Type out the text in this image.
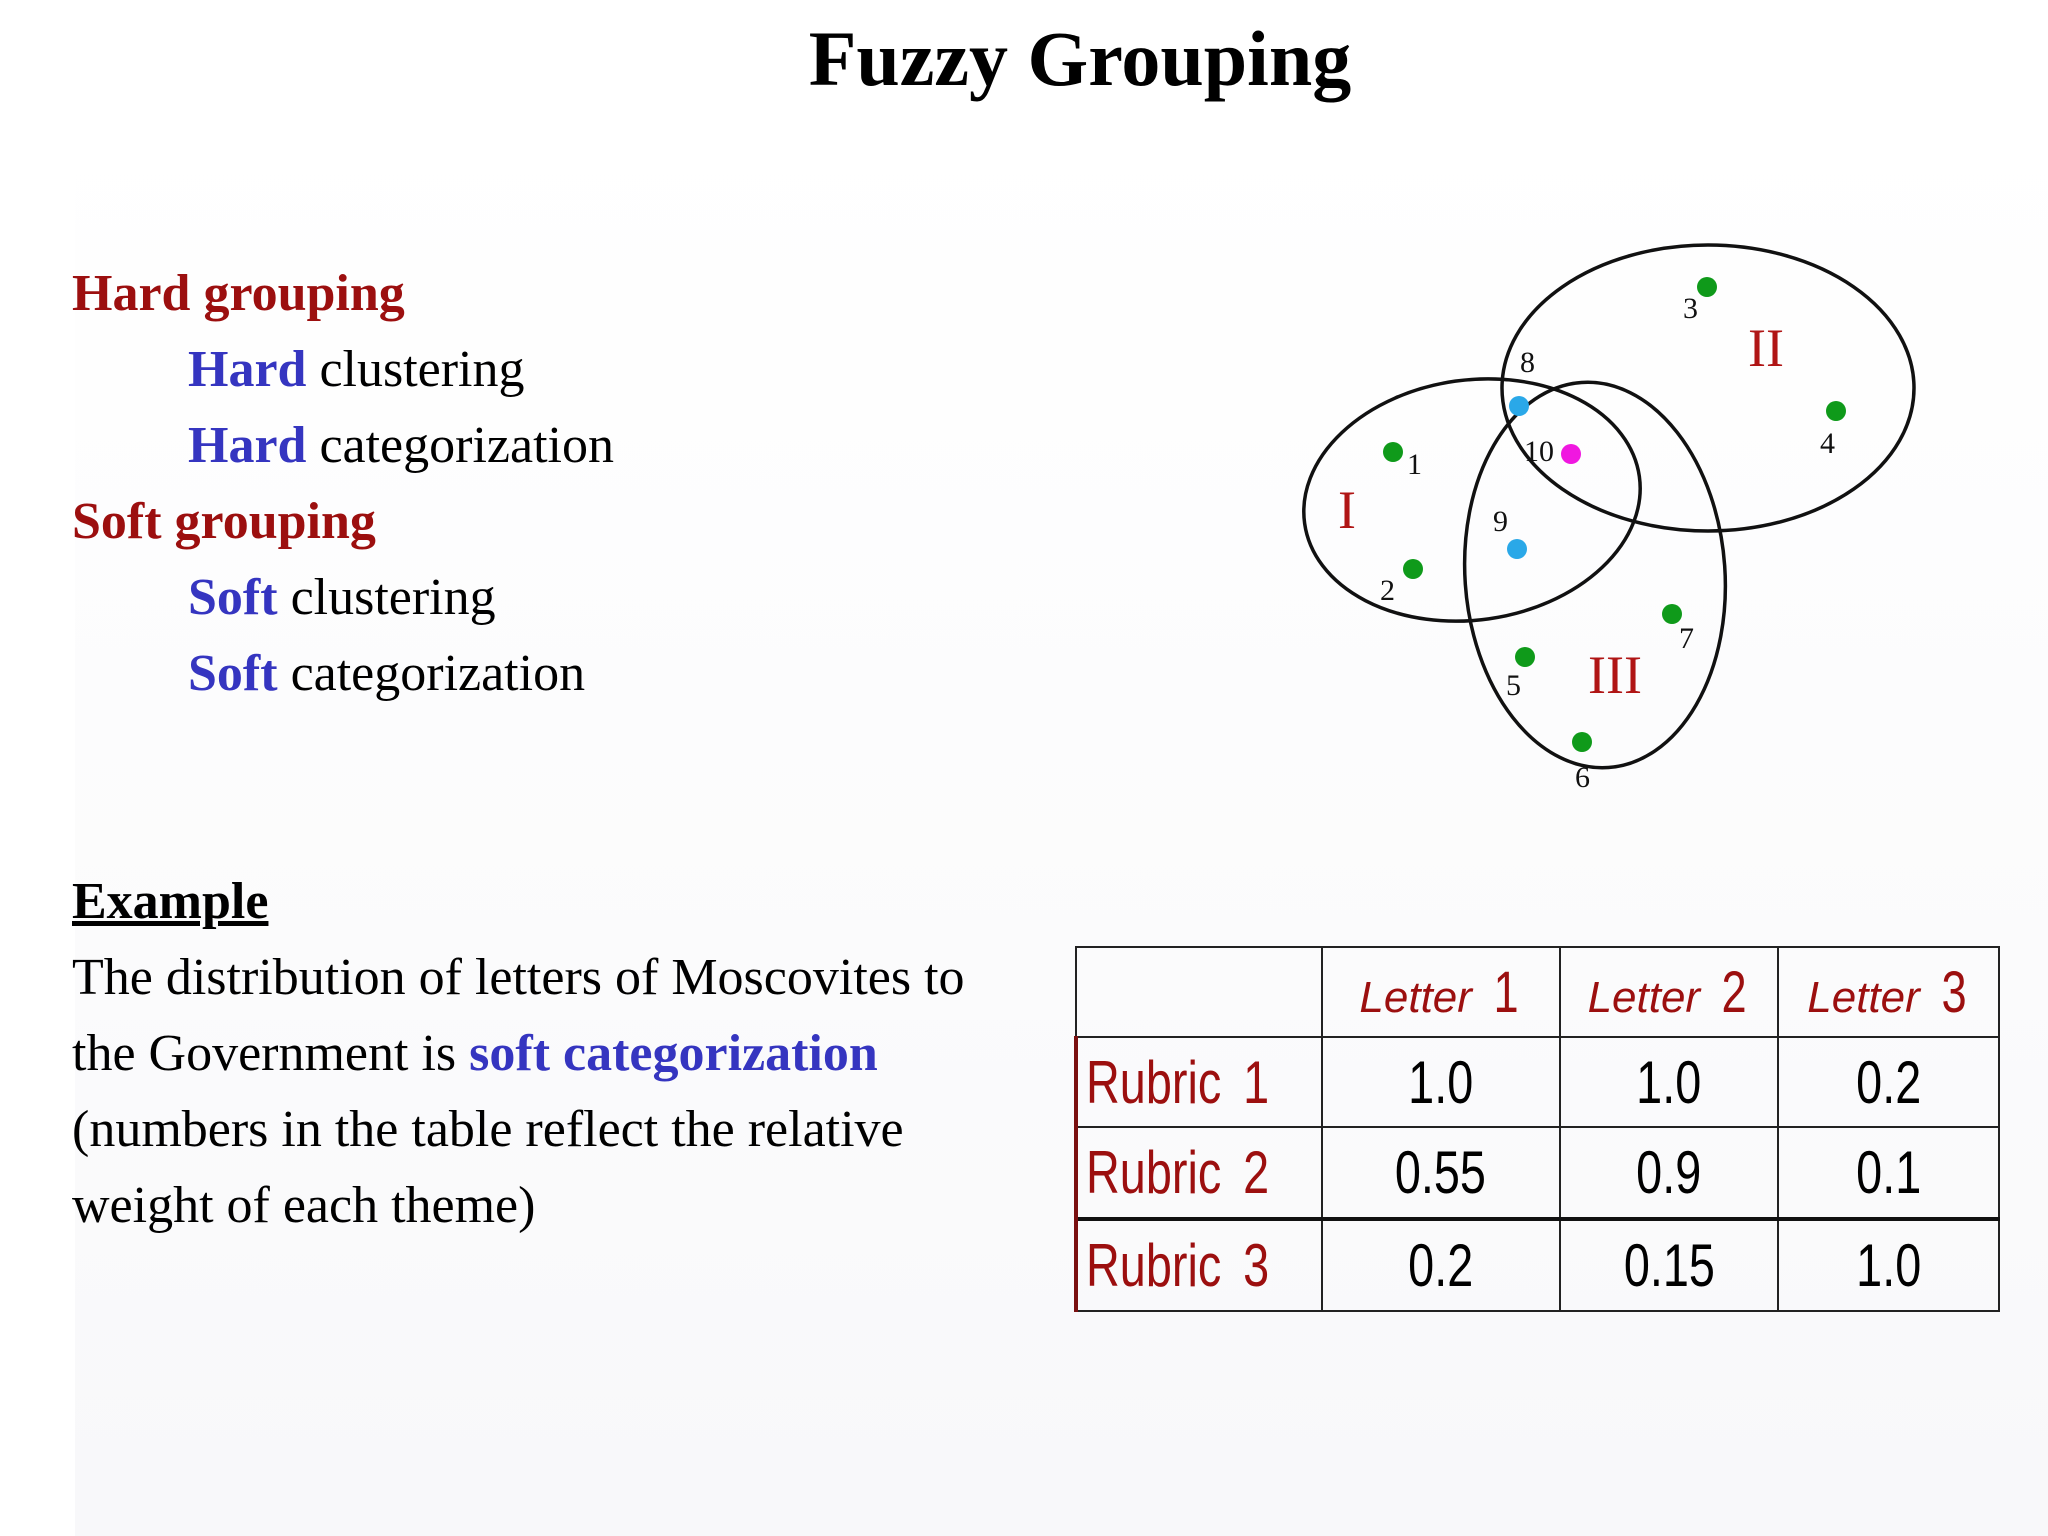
Fuzzy Grouping
Hard grouping
Hard clustering
Hard categorization
Soft grouping
Soft clustering
Soft categorization
I
II
III
1
2
3
4
5
6
7
8
9
10
Example
The distribution of letters of Moscovites to
the Government is soft categorization
(numbers in the table reflect the relative
weight of each theme)
	Letter 1	Letter 2	Letter 3
Rubric 1	1.0	1.0	0.2
Rubric 2	0.55	0.9	0.1
Rubric 3	0.2	0.15	1.0
